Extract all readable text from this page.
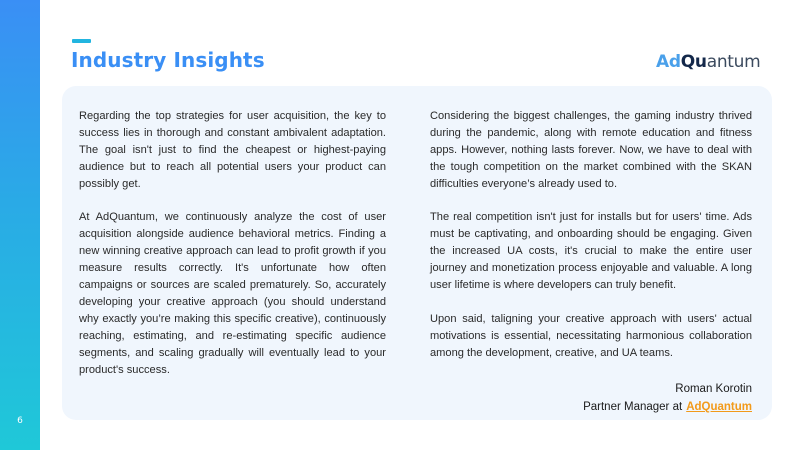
6
Industry Insights	AdQuantum

Regarding the top strategies for user acquisition, the key to success lies in thorough and constant ambivalent adaptation. The goal isn't just to find the cheapest or highest-paying audience but to reach all potential users your product can possibly get.

At AdQuantum, we continuously analyze the cost of user acquisition alongside audience behavioral metrics. Finding a new winning creative approach can lead to profit growth if you measure results correctly. It's unfortunate how often campaigns or sources are scaled prematurely. So, accurately developing your creative approach (you should understand why exactly you’re making this specific creative), continuously reaching, estimating, and re-estimating specific audience segments, and scaling gradually will eventually lead to your product's success.

Considering the biggest challenges, the gaming industry thrived during the pandemic, along with remote education and fitness apps. However, nothing lasts forever. Now, we have to deal with the tough competition on the market combined with the SKAN difficulties everyone’s already used to.

The real competition isn't just for installs but for users' time. Ads must be captivating, and onboarding should be engaging. Given the increased UA costs, it's crucial to make the entire user journey and monetization process enjoyable and valuable. A long user lifetime is where developers can truly benefit.

Upon said, taligning your creative approach with users' actual motivations is essential, necessitating harmonious collaboration among the development, creative, and UA teams.

Roman Korotin
Partner Manager at AdQuantum
